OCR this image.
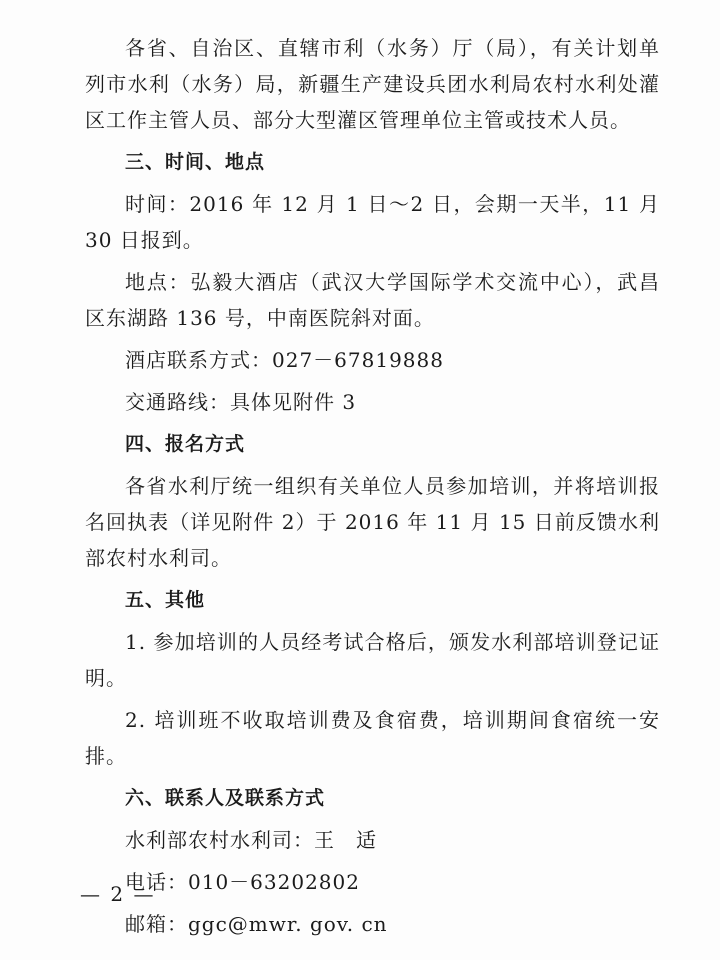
各省、自治区、直辖市利（水务）厅（局），有关计划单列市水利（水务）局，新疆生产建设兵团水利局农村水利处灌区工作主管人员、部分大型灌区管理单位主管或技术人员。

三、时间、地点

时间：2016 年 12 月 1 日～2 日，会期一天半，11 月 30 日报到。

地点：弘毅大酒店（武汉大学国际学术交流中心），武昌区东湖路 136 号，中南医院斜对面。

酒店联系方式：027－67819888

交通路线：具体见附件 3

四、报名方式

各省水利厅统一组织有关单位人员参加培训，并将培训报名回执表（详见附件 2）于 2016 年 11 月 15 日前反馈水利部农村水利司。

五、其他

1. 参加培训的人员经考试合格后，颁发水利部培训登记证明。

2. 培训班不收取培训费及食宿费，培训期间食宿统一安排。

六、联系人及联系方式

水利部农村水利司：王　适

电话：010－63202802

邮箱：ggc@mwr. gov. cn

— 2 —
